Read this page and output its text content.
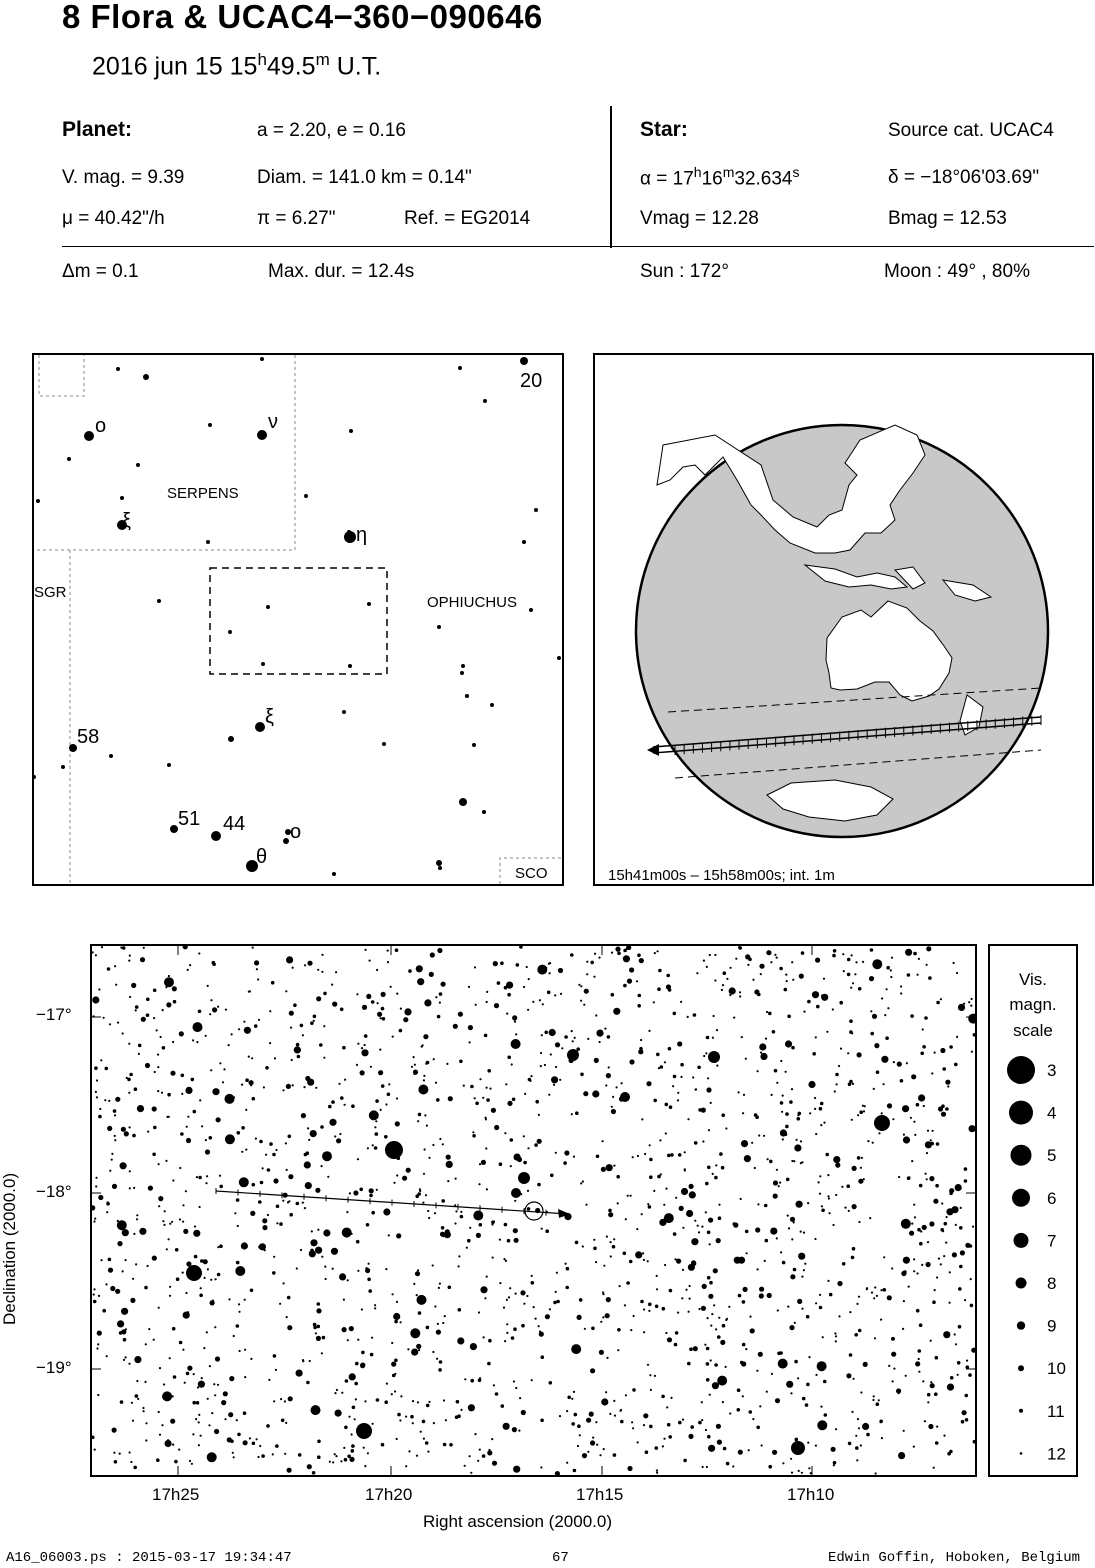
8 Flora & UCAC4−360−090646
2016 jun 15 15$^h$49.5$^m$ U.T.
Planet:	a = 2.20, e = 0.16
V. mag. = 9.39	Diam. = 141.0 km = 0.14"
μ = 40.42"/h	π = 6.27"	Ref. = EG2014
Star:	Source cat. UCAC4
$\alpha = 17^h16^m32.634^s$	δ = −18°06'03.69"
Vmag = 12.28	Bmag = 12.53
Δm = 0.1	Max. dur. = 12.4s	Sun : 172°	Moon : 49° , 80%
SERPENS
OPHIUCHUS
SGR
SCO
20
o	ν
ξ
η
ξ
58
51 44 o
θ
15h41m00s – 15h58m00s; int. 1m
−17°
−18°
−19°
Declination (2000.0)
17h25	17h20	17h15	17h10
Right ascension (2000.0)
Vis.
magn.
scale
3
4
5
6
7
8
9
10
11
12
A16_06003.ps : 2015-03-17 19:34:47	67	Edwin Goffin, Hoboken, Belgium
